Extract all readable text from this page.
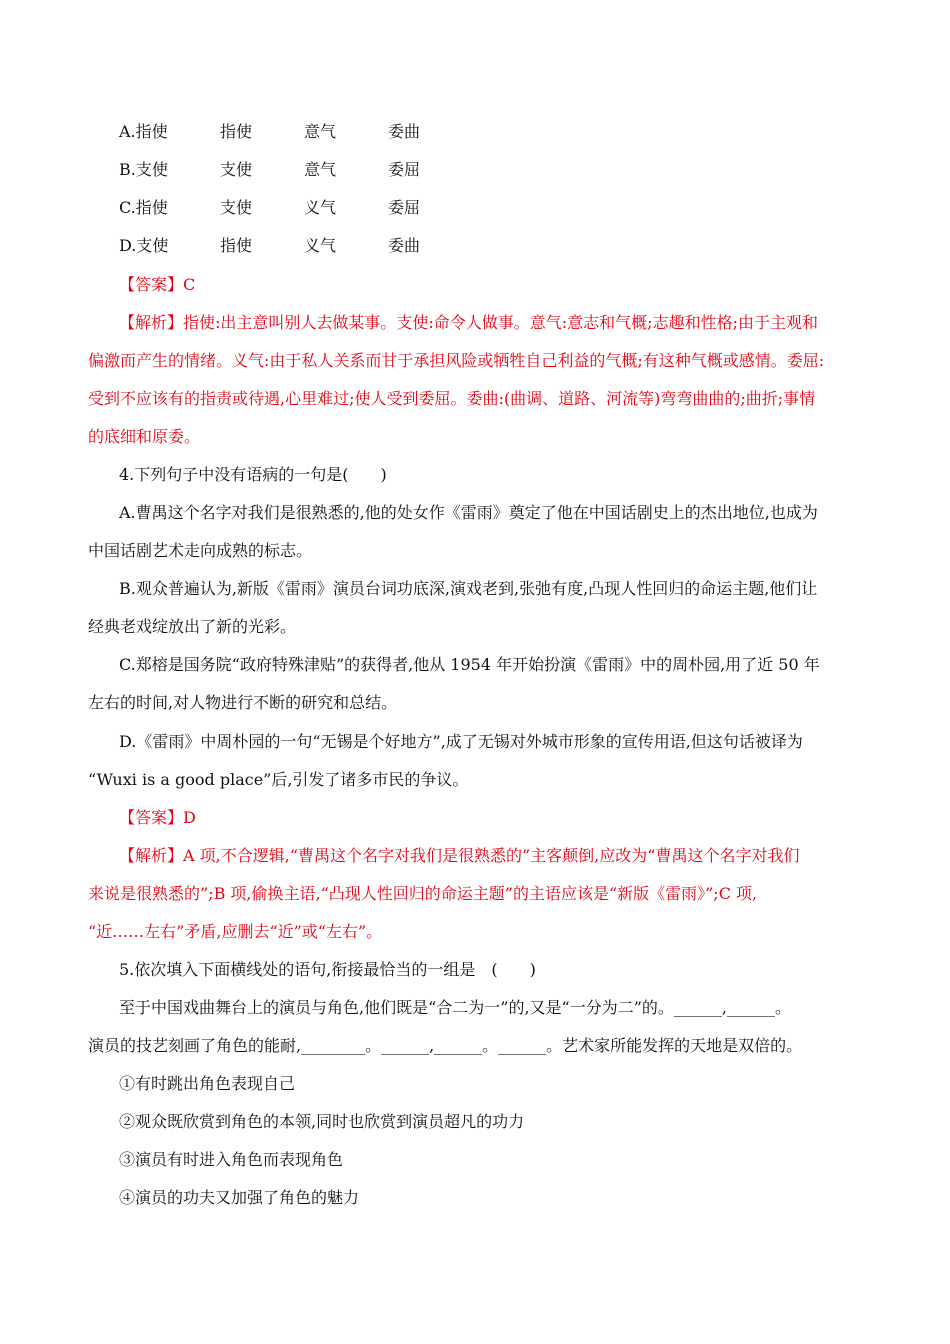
A.指使	指使	意气	委曲
B.支使	支使	意气	委屈
C.指使	支使	义气	委屈
D.支使	指使	义气	委曲
【答案】C
【解析】指使:出主意叫别人去做某事。支使:命令人做事。意气:意志和气概;志趣和性格;由于主观和
偏激而产生的情绪。义气:由于私人关系而甘于承担风险或牺牲自己利益的气概;有这种气概或感情。委屈:
受到不应该有的指责或待遇,心里难过;使人受到委屈。委曲:(曲调、道路、河流等)弯弯曲曲的;曲折;事情
的底细和原委。
4.下列句子中没有语病的一句是(　　)
A.曹禺这个名字对我们是很熟悉的,他的处女作《雷雨》奠定了他在中国话剧史上的杰出地位,也成为
中国话剧艺术走向成熟的标志。
B.观众普遍认为,新版《雷雨》演员台词功底深,演戏老到,张弛有度,凸现人性回归的命运主题,他们让
经典老戏绽放出了新的光彩。
C.郑榕是国务院“政府特殊津贴”的获得者,他从 1954 年开始扮演《雷雨》中的周朴园,用了近 50 年
左右的时间,对人物进行不断的研究和总结。
D.《雷雨》中周朴园的一句“无锡是个好地方”,成了无锡对外城市形象的宣传用语,但这句话被译为
“Wuxi is a good place”后,引发了诸多市民的争议。
【答案】D
【解析】A 项,不合逻辑,“曹禺这个名字对我们是很熟悉的”主客颠倒,应改为“曹禺这个名字对我们
来说是很熟悉的”;B 项,偷换主语,“凸现人性回归的命运主题”的主语应该是“新版《雷雨》”;C 项,
“近……左右”矛盾,应删去“近”或“左右”。
5.依次填入下面横线处的语句,衔接最恰当的一组是　(　　)
至于中国戏曲舞台上的演员与角色,他们既是“合二为一”的,又是“一分为二”的。______,______。
演员的技艺刻画了角色的能耐,________。______,______。______。艺术家所能发挥的天地是双倍的。
①有时跳出角色表现自己
②观众既欣赏到角色的本领,同时也欣赏到演员超凡的功力
③演员有时进入角色而表现角色
④演员的功夫又加强了角色的魅力
